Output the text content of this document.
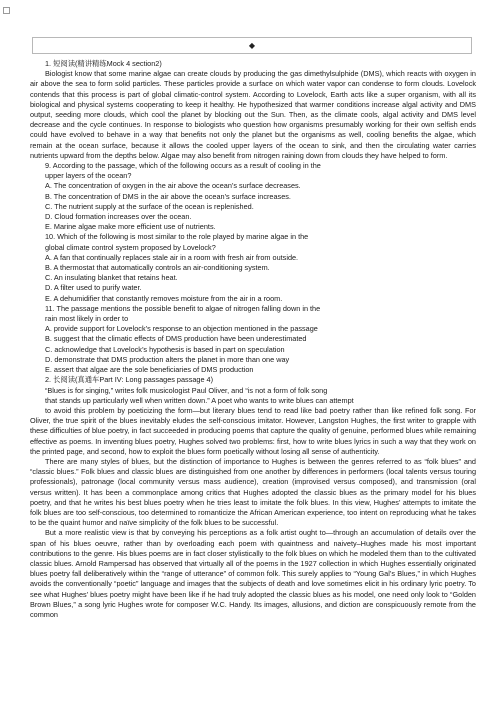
◆

1. 短阅读(精讲精练Mock 4 section2)

Biologist know that some marine algae can create clouds by producing the gas dimethylsulphide (DMS), which reacts with oxygen in air above the sea to form solid particles. These particles provide a surface on which water vapor can condense to form clouds. Lovelock contends that this process is part of global climatic-control system. According to Lovelock, Earth acts like a super organism, with all its biological and physical systems cooperating to keep it healthy. He hypothesized that warmer conditions increase algal activity and DMS output, seeding more clouds, which cool the planet by blocking out the Sun. Then, as the climate cools, algal activity and DMS level decrease and the cycle continues. In response to biologists who question how organisms presumably working for their own selfish ends could have evolved to behave in a way that benefits not only the planet but the organisms as well, cooling benefits the algae, which remain at the ocean surface, because it allows the cooled upper layers of the ocean to sink, and then the circulating water carries nutrients upward from the depths below. Algae may also benefit from nitrogen raining down from clouds they have helped to form.

9. According to the passage, which of the following occurs as a result of cooling in the

upper layers of the ocean?

A. The concentration of oxygen in the air above the ocean’s surface decreases.

B. The concentration of DMS in the air above the ocean’s surface increases.

C. The nutrient supply at the surface of the ocean is replenished.

D. Cloud formation increases over the ocean.

E. Marine algae make more efficient use of nutrients.

10. Which of the following is most similar to the role played by marine algae in the

global climate control system proposed by Lovelock?

A. A fan that continually replaces stale air in a room with fresh air from outside.

B. A thermostat that automatically controls an air-conditioning system.

C. An insulating blanket that retains heat.

D. A filter used to purify water.

E. A dehumidifier that constantly removes moisture from the air in a room.

11. The passage mentions the possible benefit to algae of nitrogen falling down in the

rain most likely in order to

A. provide support for Lovelock’s response to an objection mentioned in the passage

B. suggest that the climatic effects of DMS production have been underestimated

C. acknowledge that Lovelock’s hypothesis is based in part on speculation

D. demonstrate that DMS production alters the planet in more than one way

E. assert that algae are the sole beneficiaries of DMS production

2. 长阅读(真通车Part IV: Long passages passage 4)

“Blues is for singing,” writes folk musicologist Paul Oliver, and “is not a form of folk song

that stands up particularly well when written down.” A poet who wants to write blues can attempt

to avoid this problem by poeticizing the form—but literary blues tend to read like bad poetry rather than like refined folk song. For Oliver, the true spirit of the blues inevitably eludes the self-conscious imitator. However, Langston Hughes, the first writer to grapple with these difficulties of blue poetry, in fact succeeded in producing poems that capture the quality of genuine, performed blues while remaining effective as poems. In inventing blues poetry, Hughes solved two problems: first, how to write blues lyrics in such a way that they work on the printed page, and second, how to exploit the blues form poetically without losing all sense of authenticity.

There are many styles of blues, but the distinction of importance to Hughes is between the genres referred to as “folk blues” and “classic blues.” Folk blues and classic blues are distinguished from one another by differences in performers (local talents versus touring professionals), patronage (local community versus mass audience), creation (improvised versus composed), and transmission (oral versus written). It has been a commonplace among critics that Hughes adopted the classic blues as the primary model for his blues poetry, and that he writes his best blues poetry when he tries least to imitate the folk blues. In this view, Hughes’ attempts to imitate the folk blues are too self-conscious, too determined to romanticize the African American experience, too intent on reproducing what he takes to be the quaint humor and naïve simplicity of the folk blues to be successful.

But a more realistic view is that by conveying his perceptions as a folk artist ought to—through an accumulation of details over the span of his blues oeuvre, rather than by overloading each poem with quaintness and naivety–Hughes made his most important contributions to the genre. His blues poems are in fact closer stylistically to the folk blues on which he modeled them than to the cultivated classic blues. Arnold Rampersad has observed that virtually all of the poems in the 1927 collection in which Hughes essentially originated blues poetry fall deliberatively within the “range of utterance” of common folk. This surely applies to “Young Gal’s Blues,” in which Hughes avoids the conventionally “poetic” language and images that the subjects of death and love sometimes elicit in his ordinary lyric poetry. To see what Hughes’ blues poetry might have been like if he had truly adopted the classic blues as his model, one need only look to “Golden Brown Blues,” a song lyric Hughes wrote for composer W.C. Handy. Its images, allusions, and diction are conspicuously remote from the common
